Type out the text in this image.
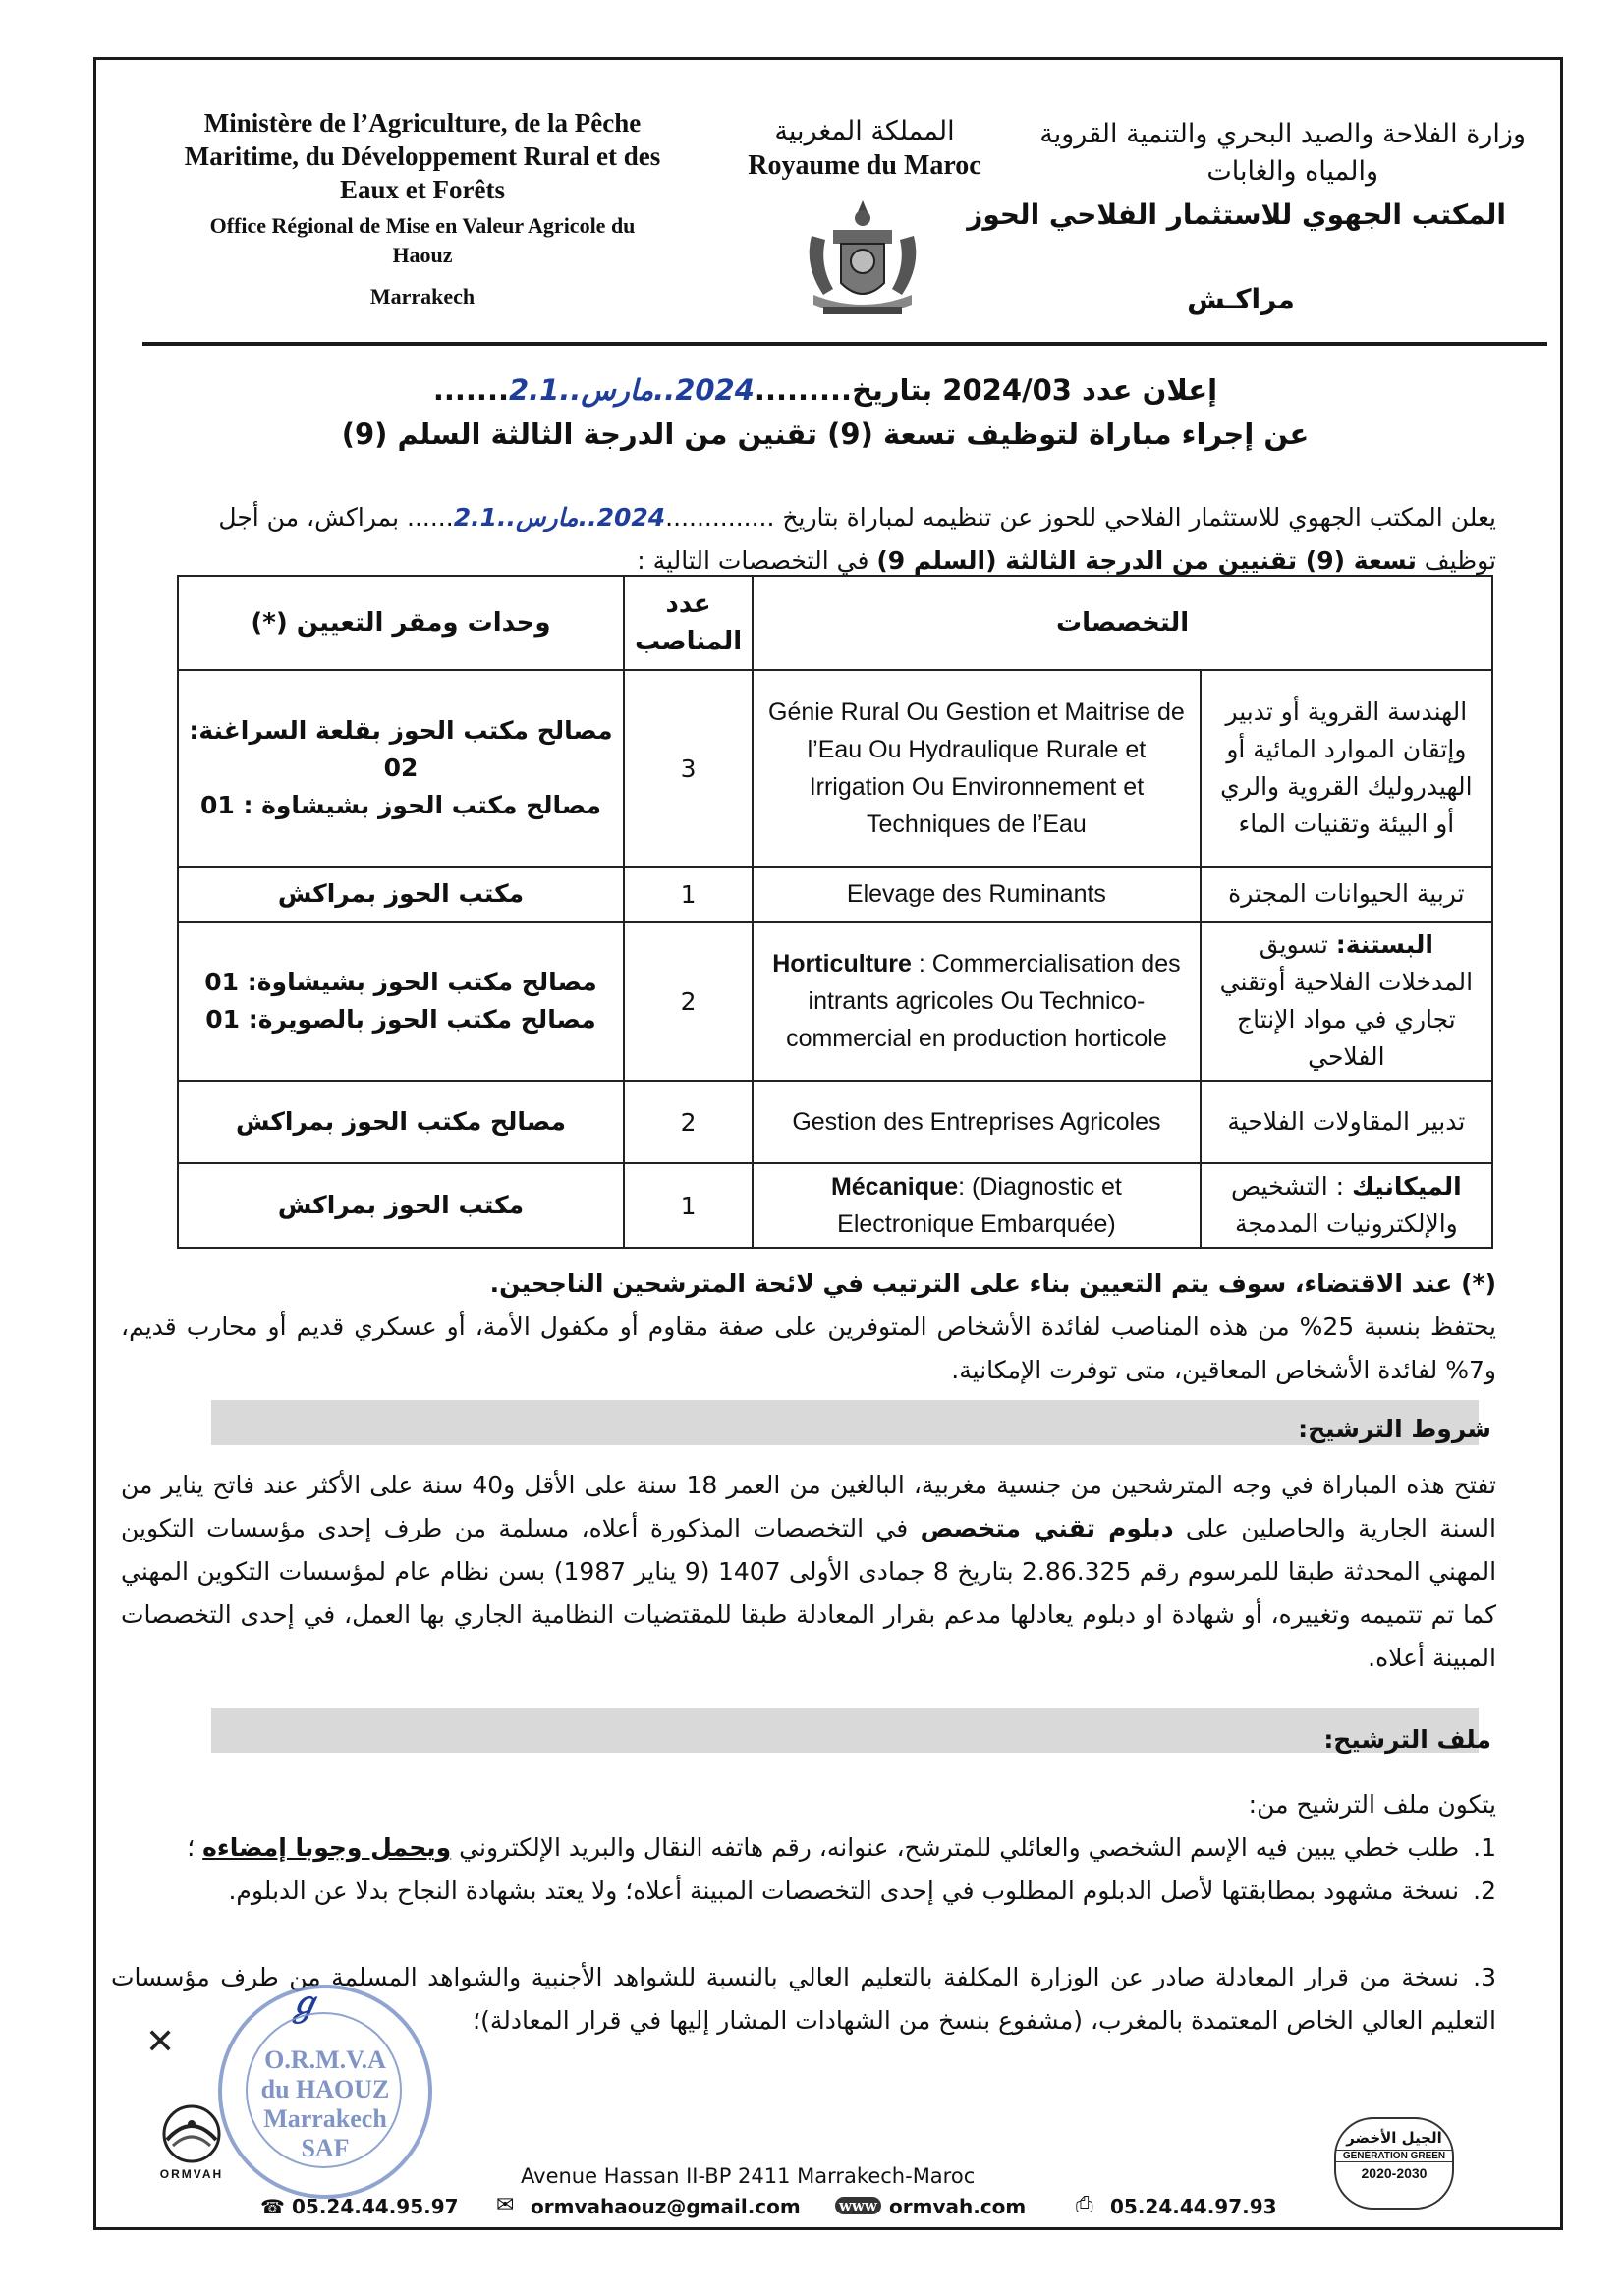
Ministère de l’Agriculture, de la Pêche
Maritime, du Développement Rural et des
Eaux et Forêts
Office Régional de Mise en Valeur Agricole du
Haouz
Marrakech
المملكة المغربية
Royaume du Maroc
وزارة الفلاحة والصيد البحري والتنمية القروية
والمياه والغابات
المكتب الجهوي للاستثمار الفلاحي الحوز
مراكـش
إعلان عدد 2024/03 بتاريخ.........2024..مارس..2.1.......
عن إجراء مباراة لتوظيف تسعة (9) تقنين من الدرجة الثالثة السلم (9)
يعلن المكتب الجهوي للاستثمار الفلاحي للحوز عن تنظيمه لمباراة بتاريخ ..............2024..مارس..2.1...... بمراكش، من أجل
توظيف تسعة (9) تقنيين من الدرجة الثالثة (السلم 9) في التخصصات التالية :
وحدات ومقر التعيين (*)	عدد المناصب	التخصصات	

مصالح مكتب الحوز بقلعة السراغنة: 02
مصالح مكتب الحوز بشيشاوة : 01	3	Génie Rural Ou Gestion et Maitrise de l’Eau Ou Hydraulique Rurale et Irrigation Ou Environnement et Techniques de l’Eau	الهندسة القروية أو تدبير وإتقان الموارد المائية أو الهيدروليك القروية والري أو البيئة وتقنيات الماء

مكتب الحوز بمراكش	1	Elevage des Ruminants	تربية الحيوانات المجترة

مصالح مكتب الحوز بشيشاوة: 01
مصالح مكتب الحوز بالصويرة: 01	2	Horticulture : Commercialisation des intrants agricoles Ou Technico-commercial en production horticole	البستنة: تسويق المدخلات الفلاحية أوتقني تجاري في مواد الإنتاج الفلاحي

مصالح مكتب الحوز بمراكش	2	Gestion des Entreprises Agricoles	تدبير المقاولات الفلاحية

مكتب الحوز بمراكش	1	Mécanique: (Diagnostic et Electronique Embarquée)	الميكانيك : التشخيص والإلكترونيات المدمجة
(*) عند الاقتضاء، سوف يتم التعيين بناء على الترتيب في لائحة المترشحين الناجحين.
يحتفظ بنسبة 25% من هذه المناصب لفائدة الأشخاص المتوفرين على صفة مقاوم أو مكفول الأمة، أو عسكري قديم أو محارب قديم، و7% لفائدة الأشخاص المعاقين، متى توفرت الإمكانية.
شروط الترشيح:
تفتح هذه المباراة في وجه المترشحين من جنسية مغربية، البالغين من العمر 18 سنة على الأقل و40 سنة على الأكثر عند فاتح يناير من السنة الجارية والحاصلين على دبلوم تقني متخصص في التخصصات المذكورة أعلاه، مسلمة من طرف إحدى مؤسسات التكوين المهني المحدثة طبقا للمرسوم رقم 2.86.325 بتاريخ 8 جمادى الأولى 1407 (9 يناير 1987) بسن نظام عام لمؤسسات التكوين المهني كما تم تتميمه وتغييره، أو شهادة او دبلوم يعادلها مدعم بقرار المعادلة طبقا للمقتضيات النظامية الجاري بها العمل، في إحدى التخصصات المبينة أعلاه.
ملف الترشيح:
يتكون ملف الترشيح من:
1.طلب خطي يبين فيه الإسم الشخصي والعائلي للمترشح، عنوانه، رقم هاتفه النقال والبريد الإلكتروني ويحمل وجوبا إمضاءه ؛
2.نسخة مشهود بمطابقتها لأصل الدبلوم المطلوب في إحدى التخصصات المبينة أعلاه؛ ولا يعتد بشهادة النجاح بدلا عن الدبلوم.
3.نسخة من قرار المعادلة صادر عن الوزارة المكلفة بالتعليم العالي بالنسبة للشواهد الأجنبية والشواهد المسلمة من طرف مؤسسات التعليم العالي الخاص المعتمدة بالمغرب، (مشفوع بنسخ من الشهادات المشار إليها في قرار المعادلة)؛
✕
ℊ
O.R.M.V.A
du HAOUZ
Marrakech
SAF
ORMVAH	Avenue Hassan II-BP 2411 Marrakech-Maroc
☎ 05.24.44.95.97 ✉ ormvahaouz@gmail.com	www ormvah.com ⎙ 05.24.44.97.93
الجيل الأخضر
GÉNÉRATION GREEN
2020-2030
